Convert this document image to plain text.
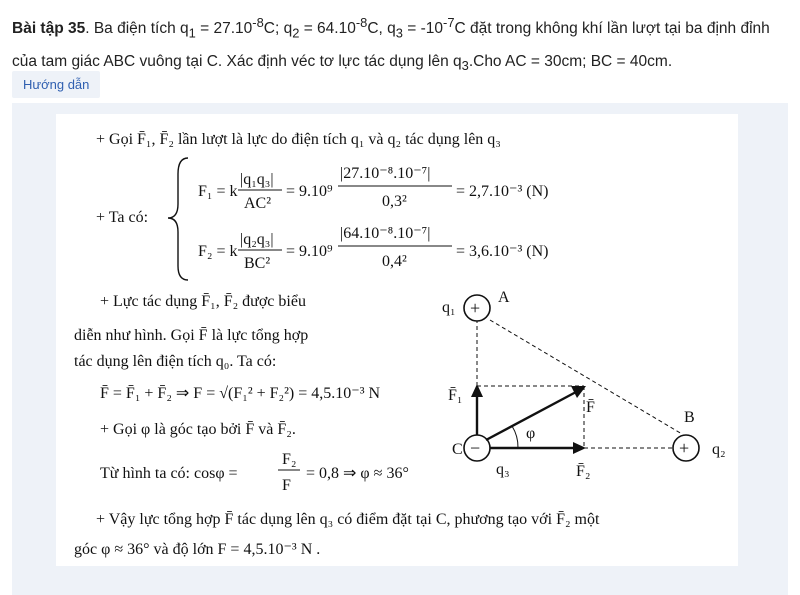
Bài tập 35. Ba điện tích $q_1 = 27.10^{-8}C$; $q_2 = 64.10^{-8}C$, $q_3 = -10^{-7}C$ đặt trong không khí lần lượt tại ba định đỉnh của tam giác ABC vuông tại C. Xác định véc tơ lực tác dụng lên $q_3.Cho$ AC = 30cm; BC = 40cm.
Hướng dẫn
+ Gọi F̄₁, F̄₂ lần lượt là lực do điện tích q₁ và q₂ tác dụng lên q₃
+ Ta có:
F₁ = k
|q₁q₃|
AC²
= 9.10⁹
|27.10⁻⁸.10⁻⁷|
0,3²
= 2,7.10⁻³ (N)
F₂ = k
|q₂q₃|
BC²
= 9.10⁹
|64.10⁻⁸.10⁻⁷|
0,4²
= 3,6.10⁻³ (N)
+ Lực tác dụng F̄₁, F̄₂ được biểu
diễn như hình. Gọi F̄ là lực tổng hợp
tác dụng lên điện tích q₀. Ta có:
F̄ = F̄₁ + F̄₂ ⇒ F = √(F₁² + F₂²) = 4,5.10⁻³ N
+ Gọi φ là góc tạo bởi F̄ và F̄₂.
Từ hình ta có: cosφ =
F₂
F
= 0,8 ⇒ φ ≈ 36°
+ Vậy lực tổng hợp F̄ tác dụng lên q₃ có điểm đặt tại C, phương tạo với F̄₂ một
góc φ ≈ 36° và độ lớn F = 4,5.10⁻³ N .
+
q₁
A
−
C
q₃
+ q₂
B
F̄₁
F̄₂
F̄
φ
